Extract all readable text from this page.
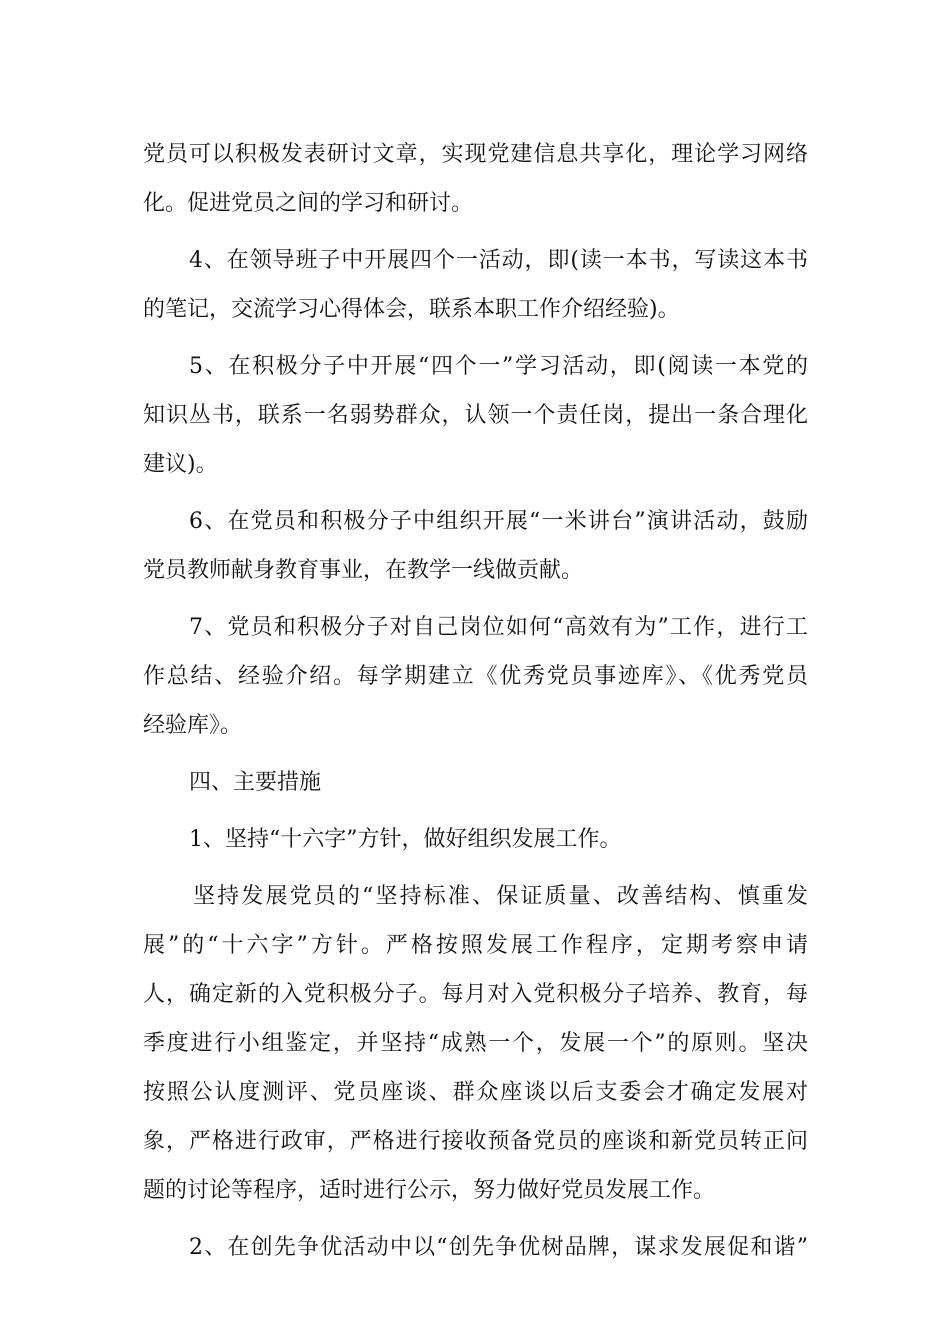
党员可以积极发表研讨文章，实现党建信息共享化，理论学习网络
化。促进党员之间的学习和研讨。
4、在领导班子中开展四个一活动，即(读一本书，写读这本书
的笔记，交流学习心得体会，联系本职工作介绍经验)。
5、在积极分子中开展“四个一”学习活动，即(阅读一本党的
知识丛书，联系一名弱势群众，认领一个责任岗，提出一条合理化
建议)。
6、在党员和积极分子中组织开展“一米讲台”演讲活动，鼓励
党员教师献身教育事业，在教学一线做贡献。
7、党员和积极分子对自己岗位如何“高效有为”工作，进行工
作总结、经验介绍。每学期建立《优秀党员事迹库》、《优秀党员
经验库》。
四、主要措施
1、坚持“十六字”方针，做好组织发展工作。
坚持发展党员的“坚持标准、保证质量、改善结构、慎重发
展”的“十六字”方针。严格按照发展工作程序，定期考察申请
人，确定新的入党积极分子。每月对入党积极分子培养、教育，每
季度进行小组鉴定，并坚持“成熟一个，发展一个”的原则。坚决
按照公认度测评、党员座谈、群众座谈以后支委会才确定发展对
象，严格进行政审，严格进行接收预备党员的座谈和新党员转正问
题的讨论等程序，适时进行公示，努力做好党员发展工作。
2、在创先争优活动中以“创先争优树品牌，谋求发展促和谐”
